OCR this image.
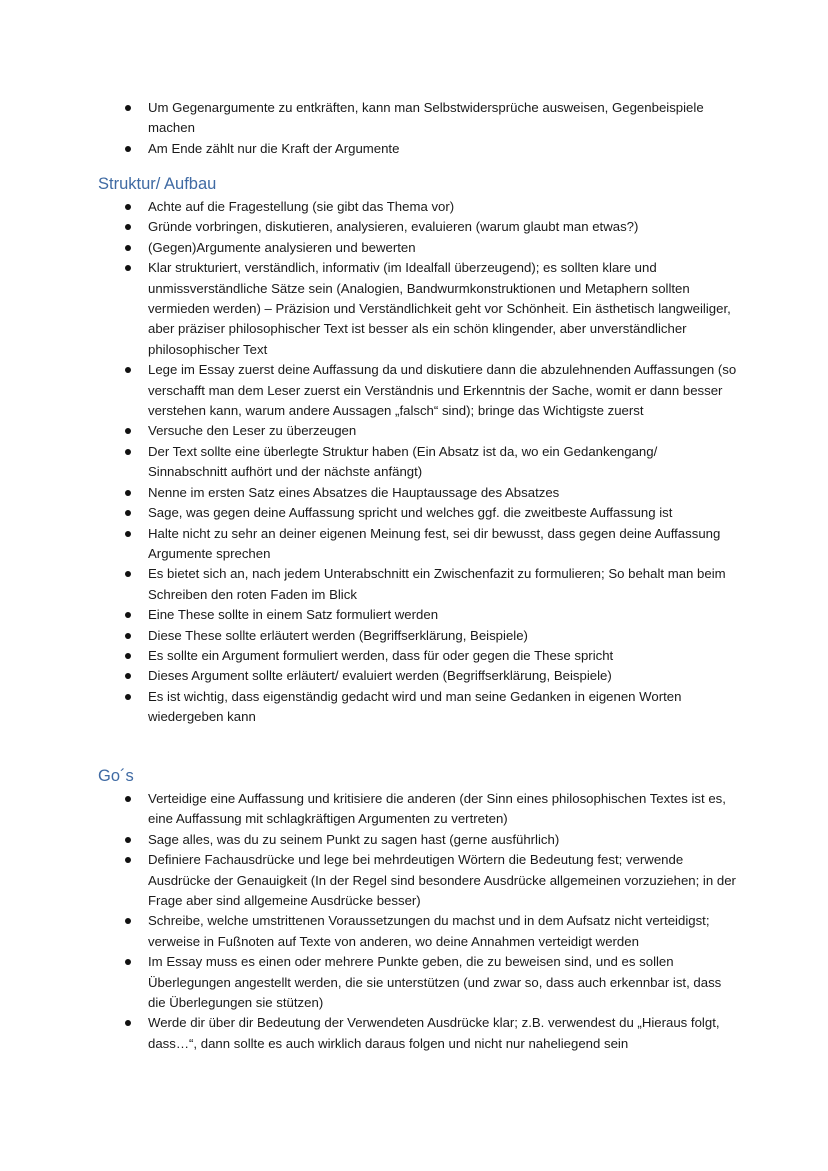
Um Gegenargumente zu entkräften, kann man Selbstwidersprüche ausweisen, Gegenbeispiele machen
Am Ende zählt nur die Kraft der Argumente
Struktur/ Aufbau
Achte auf die Fragestellung (sie gibt das Thema vor)
Gründe vorbringen, diskutieren, analysieren, evaluieren (warum glaubt man etwas?)
(Gegen)Argumente analysieren und bewerten
Klar strukturiert, verständlich, informativ (im Idealfall überzeugend); es sollten klare und unmissverständliche Sätze sein (Analogien, Bandwurmkonstruktionen und Metaphern sollten vermieden werden) – Präzision und Verständlichkeit geht vor Schönheit. Ein ästhetisch langweiliger, aber präziser philosophischer Text ist besser als ein schön klingender, aber unverständlicher philosophischer Text
Lege im Essay zuerst deine Auffassung da und diskutiere dann die abzulehnenden Auffassungen (so verschafft man dem Leser zuerst ein Verständnis und Erkenntnis der Sache, womit er dann besser verstehen kann, warum andere Aussagen „falsch“ sind); bringe das Wichtigste zuerst
Versuche den Leser zu überzeugen
Der Text sollte eine überlegte Struktur haben (Ein Absatz ist da, wo ein Gedankengang/ Sinnabschnitt aufhört und der nächste anfängt)
Nenne im ersten Satz eines Absatzes die Hauptaussage des Absatzes
Sage, was gegen deine Auffassung spricht und welches ggf. die zweitbeste Auffassung ist
Halte nicht zu sehr an deiner eigenen Meinung fest, sei dir bewusst, dass gegen deine Auffassung Argumente sprechen
Es bietet sich an, nach jedem Unterabschnitt ein Zwischenfazit zu formulieren; So behalt man beim Schreiben den roten Faden im Blick
Eine These sollte in einem Satz formuliert werden
Diese These sollte erläutert werden (Begriffserklärung, Beispiele)
Es sollte ein Argument formuliert werden, dass für oder gegen die These spricht
Dieses Argument sollte erläutert/ evaluiert werden (Begriffserklärung, Beispiele)
Es ist wichtig, dass eigenständig gedacht wird und man seine Gedanken in eigenen Worten wiedergeben kann
Go´s
Verteidige eine Auffassung und kritisiere die anderen (der Sinn eines philosophischen Textes ist es, eine Auffassung mit schlagkräftigen Argumenten zu vertreten)
Sage alles, was du zu seinem Punkt zu sagen hast (gerne ausführlich)
Definiere Fachausdrücke und lege bei mehrdeutigen Wörtern die Bedeutung fest; verwende Ausdrücke der Genauigkeit (In der Regel sind besondere Ausdrücke allgemeinen vorzuziehen; in der Frage aber sind allgemeine Ausdrücke besser)
Schreibe, welche umstrittenen Voraussetzungen du machst und in dem Aufsatz nicht verteidigst; verweise in Fußnoten auf Texte von anderen, wo deine Annahmen verteidigt werden
Im Essay muss es einen oder mehrere Punkte geben, die zu beweisen sind, und es sollen Überlegungen angestellt werden, die sie unterstützen (und zwar so, dass auch erkennbar ist, dass die Überlegungen sie stützen)
Werde dir über dir Bedeutung der Verwendeten Ausdrücke klar; z.B. verwendest du „Hieraus folgt, dass…“, dann sollte es auch wirklich daraus folgen und nicht nur naheliegend sein
